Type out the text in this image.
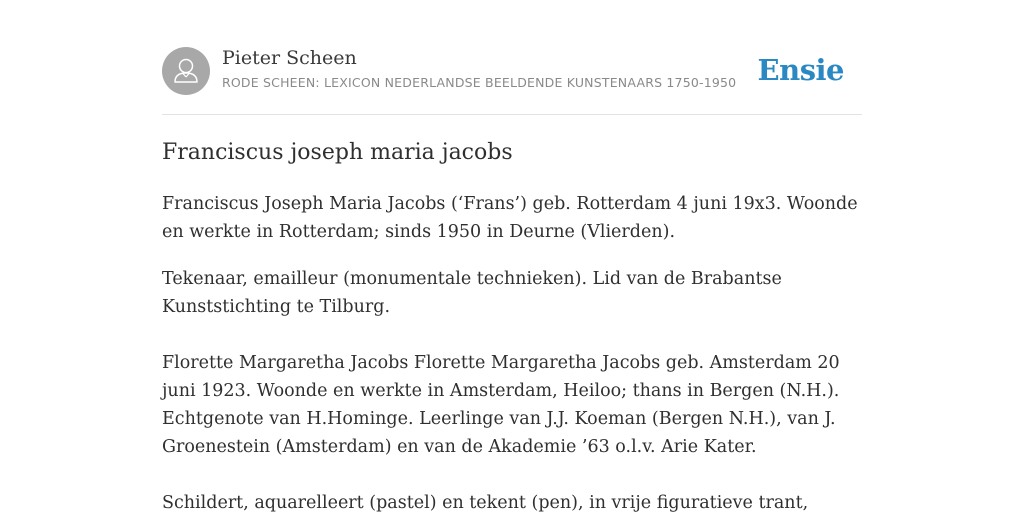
Pieter Scheen
RODE SCHEEN: LEXICON NEDERLANDSE BEELDENDE KUNSTENAARS 1750-1950 Ensie
Franciscus joseph maria jacobs

Franciscus Joseph Maria Jacobs (‘Frans’) geb. Rotterdam 4 juni 19x3. Woonde en werkte in Rotterdam; sinds 1950 in Deurne (Vlierden).

Tekenaar, emailleur (monumentale technieken). Lid van de Brabantse Kunststichting te Tilburg.

Florette Margaretha Jacobs Florette Margaretha Jacobs geb. Amsterdam 20 juni 1923. Woonde en werkte in Amsterdam, Heiloo; thans in Bergen (N.H.). Echtgenote van H.Hominge. Leerlinge van J.J. Koeman (Bergen N.H.), van J. Groenestein (Amsterdam) en van de Akademie ’63 o.l.v. Arie Kater.

Schildert, aquarelleert (pastel) en tekent (pen), in vrije figuratieve trant,
